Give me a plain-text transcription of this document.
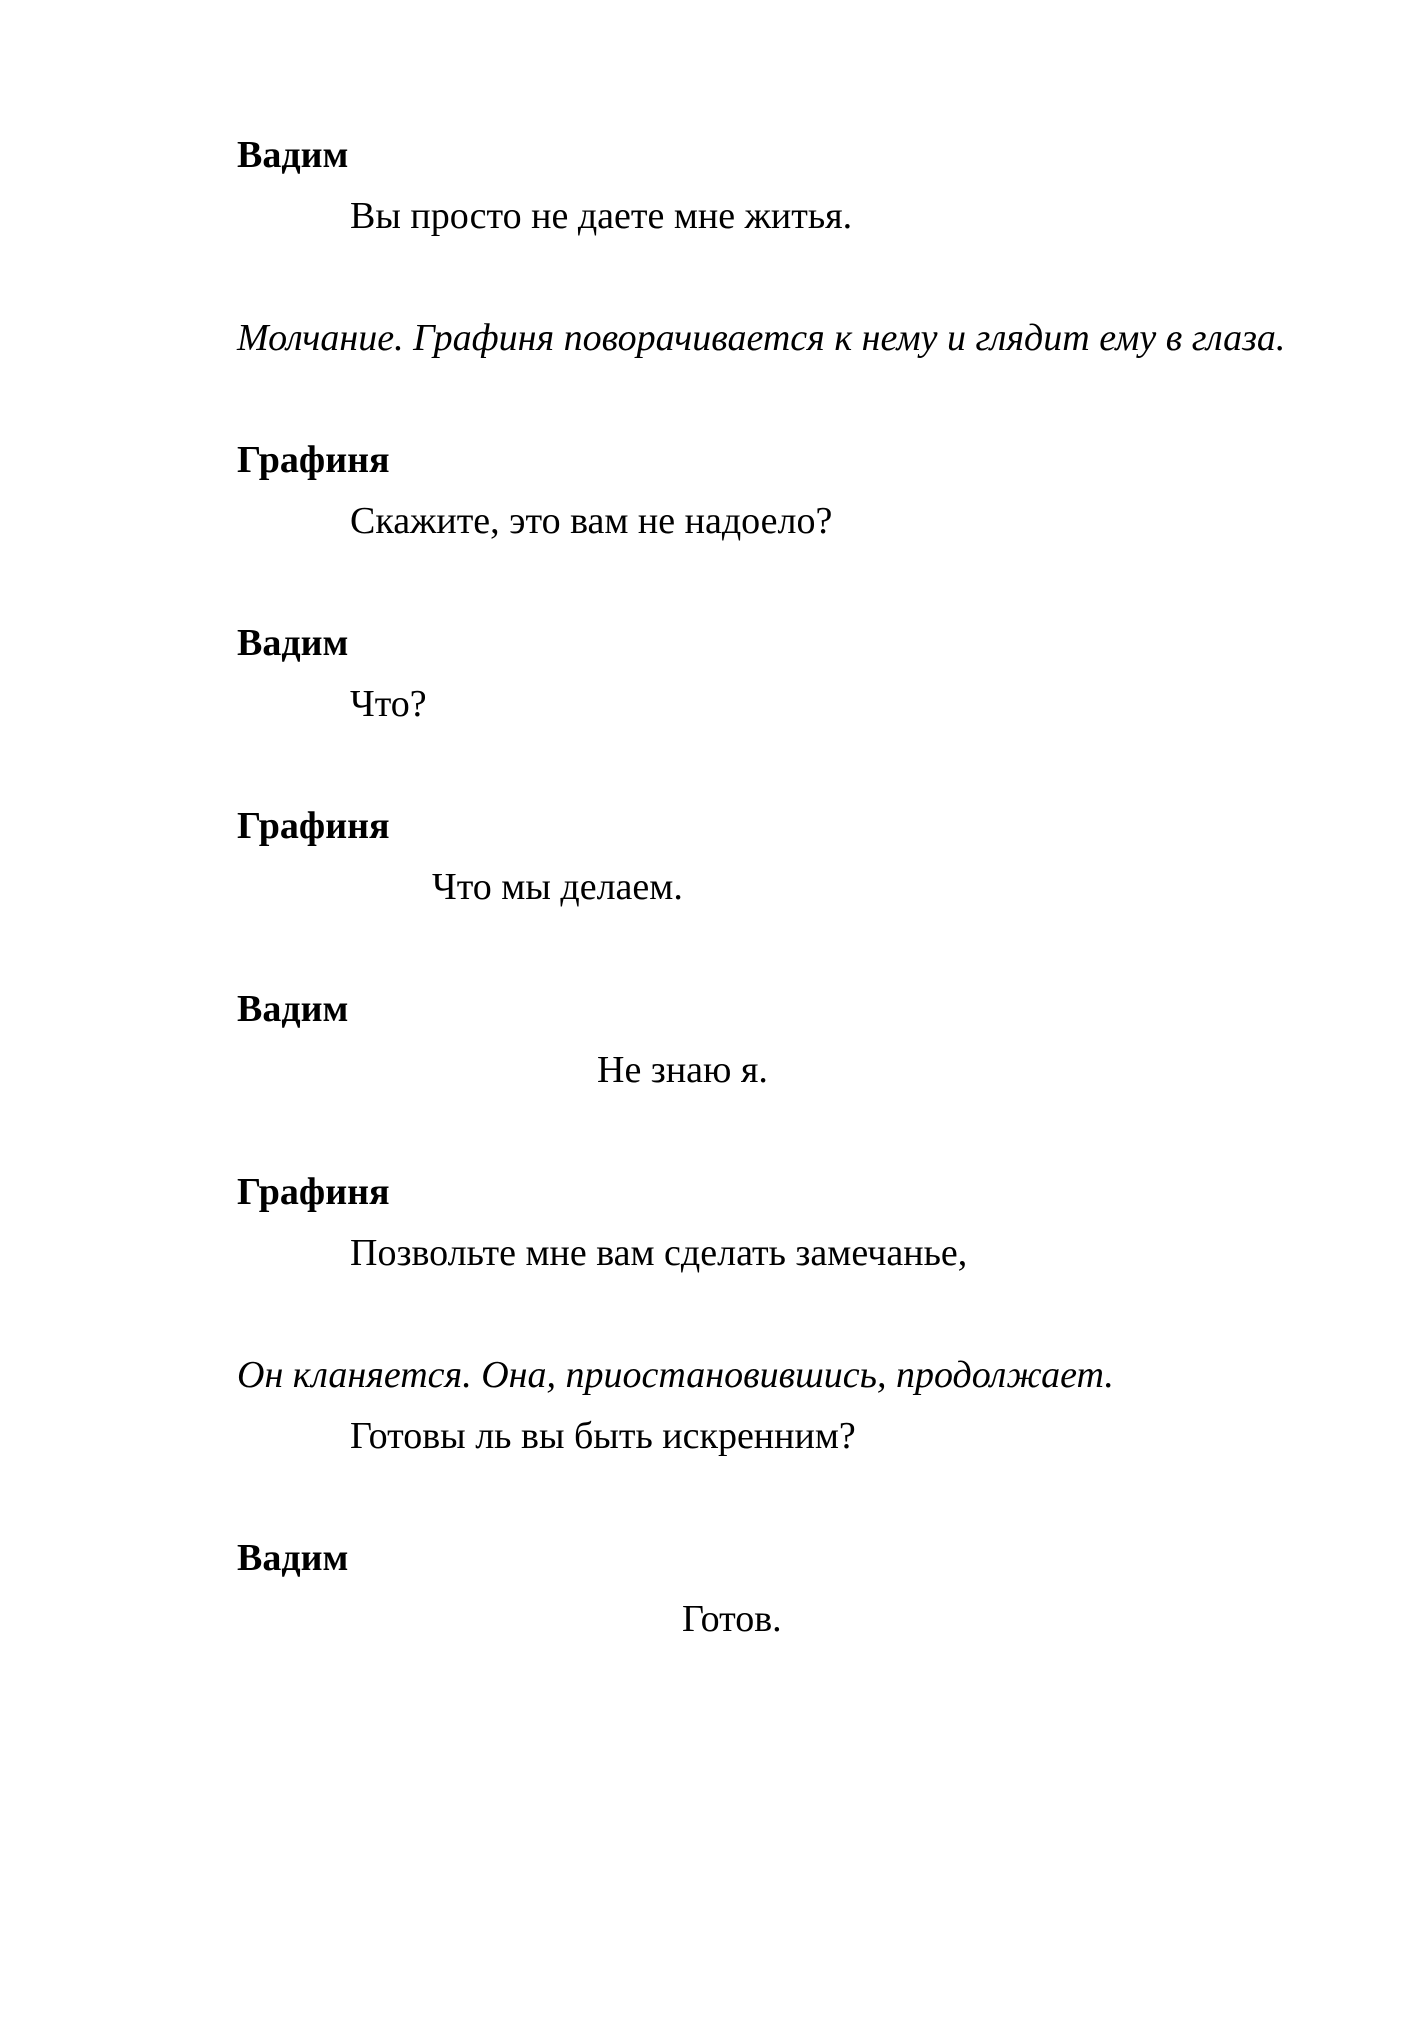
Вадим
Вы просто не даете мне житья.
Молчание. Графиня поворачивается к нему и глядит ему в глаза.
Графиня
Скажите, это вам не надоело?
Вадим
Что?
Графиня
Что мы делаем.
Вадим
Не знаю я.
Графиня
Позвольте мне вам сделать замечанье,
Он кланяется. Она, приостановившись, продолжает.
Готовы ль вы быть искренним?
Вадим
Готов.
